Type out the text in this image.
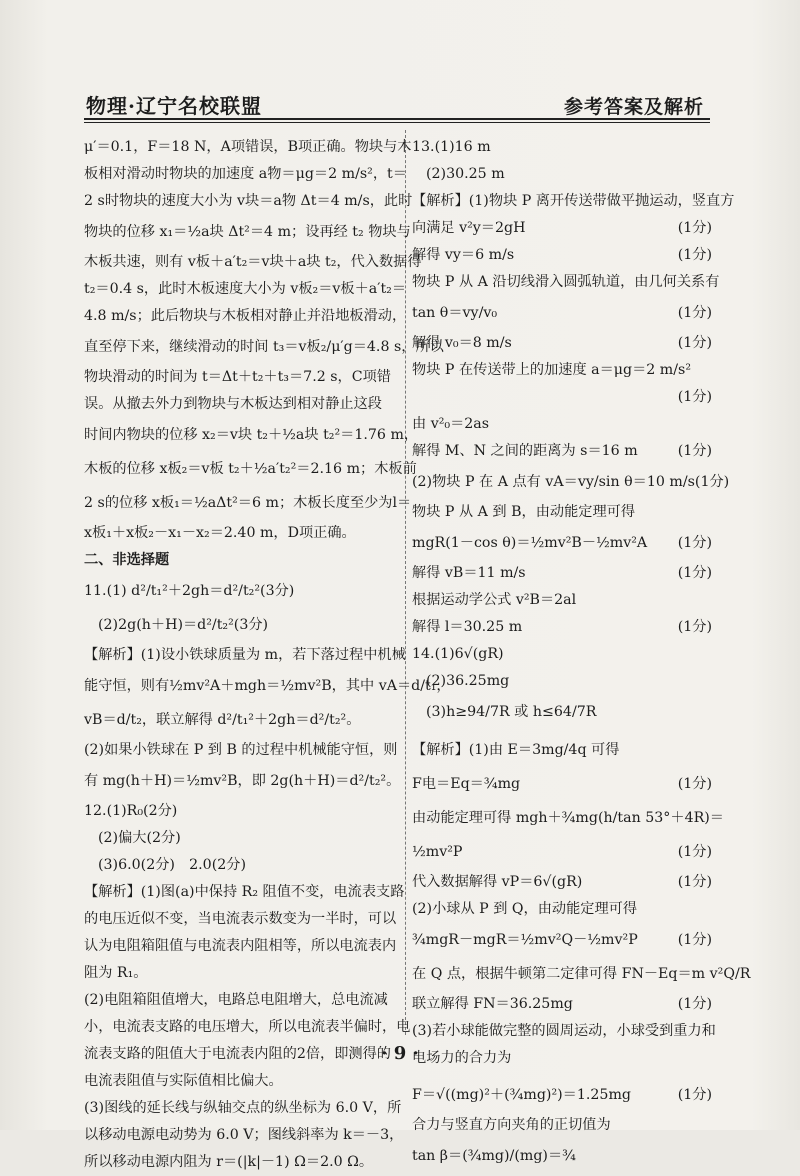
物理·辽宁名校联盟	参考答案及解析
μ′＝0.1，F＝18 N，A项错误，B项正确。物块与木
板相对滑动时物块的加速度 a物＝μg＝2 m/s²，t＝
2 s时物块的速度大小为 v块＝a物 Δt＝4 m/s，此时
物块的位移 x₁＝½a块 Δt²＝4 m；设再经 t₂ 物块与
木板共速，则有 v板＋a′t₂＝v块＋a块 t₂，代入数据得
t₂＝0.4 s，此时木板速度大小为 v板₂＝v板＋a′t₂＝
4.8 m/s；此后物块与木板相对静止并沿地板滑动，
直至停下来，继续滑动的时间 t₃＝v板₂/μ′g＝4.8 s，所以
物块滑动的时间为 t＝Δt＋t₂＋t₃＝7.2 s，C项错
误。从撤去外力到物块与木板达到相对静止这段
时间内物块的位移 x₂＝v块 t₂＋½a块 t₂²＝1.76 m，
木板的位移 x板₂＝v板 t₂＋½a′t₂²＝2.16 m；木板前
2 s的位移 x板₁＝½aΔt²＝6 m；木板长度至少为l＝
x板₁＋x板₂－x₁－x₂＝2.40 m，D项正确。
二、非选择题
11.(1) d²/t₁²＋2gh＝d²/t₂²(3分)
(2)2g(h＋H)＝d²/t₂²(3分)
【解析】(1)设小铁球质量为 m，若下落过程中机械
能守恒，则有½mv²A＋mgh＝½mv²B，其中 vA＝d/t₁，
vB＝d/t₂，联立解得 d²/t₁²＋2gh＝d²/t₂²。
(2)如果小铁球在 P 到 B 的过程中机械能守恒，则
有 mg(h＋H)＝½mv²B，即 2g(h＋H)＝d²/t₂²。
12.(1)R₀(2分)
(2)偏大(2分)
(3)6.0(2分)　2.0(2分)
【解析】(1)图(a)中保持 R₂ 阻值不变，电流表支路
的电压近似不变，当电流表示数变为一半时，可以
认为电阻箱阻值与电流表内阻相等，所以电流表内
阻为 R₁。
(2)电阻箱阻值增大，电路总电阻增大，总电流减
小，电流表支路的电压增大，所以电流表半偏时，电
流表支路的阻值大于电流表内阻的2倍，即测得的
电流表阻值与实际值相比偏大。
(3)图线的延长线与纵轴交点的纵坐标为 6.0 V，所
以移动电源电动势为 6.0 V；图线斜率为 k＝－3，
所以移动电源内阻为 r＝(|k|－1) Ω＝2.0 Ω。
13.(1)16 m
(2)30.25 m
【解析】(1)物块 P 离开传送带做平抛运动，竖直方
向满足 v²y＝2gH	(1分)
解得 vy＝6 m/s	(1分)
物块 P 从 A 沿切线滑入圆弧轨道，由几何关系有
tan θ＝vy/v₀	(1分)
解得 v₀＝8 m/s	(1分)
物块 P 在传送带上的加速度 a＝μg＝2 m/s²
(1分)
由 v²₀＝2as
解得 M、N 之间的距离为 s＝16 m	(1分)
(2)物块 P 在 A 点有 vA＝vy/sin θ＝10 m/s (1分)
物块 P 从 A 到 B，由动能定理可得
mgR(1－cos θ)＝½mv²B－½mv²A (1分)
解得 vB＝11 m/s	(1分)
根据运动学公式 v²B＝2al
解得 l＝30.25 m	(1分)
14.(1)6√(gR)
(2)36.25mg
(3)h≥94/7R 或 h≤64/7R
【解析】(1)由 E＝3mg/4q 可得
F电＝Eq＝¾mg	(1分)
由动能定理可得 mgh＋¾mg(h/tan 53°＋4R)＝
½mv²P	(1分)
代入数据解得 vP＝6√(gR)	(1分)
(2)小球从 P 到 Q，由动能定理可得
¾mgR－mgR＝½mv²Q－½mv²P	(1分)
在 Q 点，根据牛顿第二定律可得 FN－Eq＝m v²Q/R
联立解得 FN＝36.25mg	(1分)
(3)若小球能做完整的圆周运动，小球受到重力和
电场力的合力为
F＝√((mg)²＋(¾mg)²)＝1.25mg	(1分)
合力与竖直方向夹角的正切值为
tan β＝(¾mg)/(mg)＝¾
· 9 ·
